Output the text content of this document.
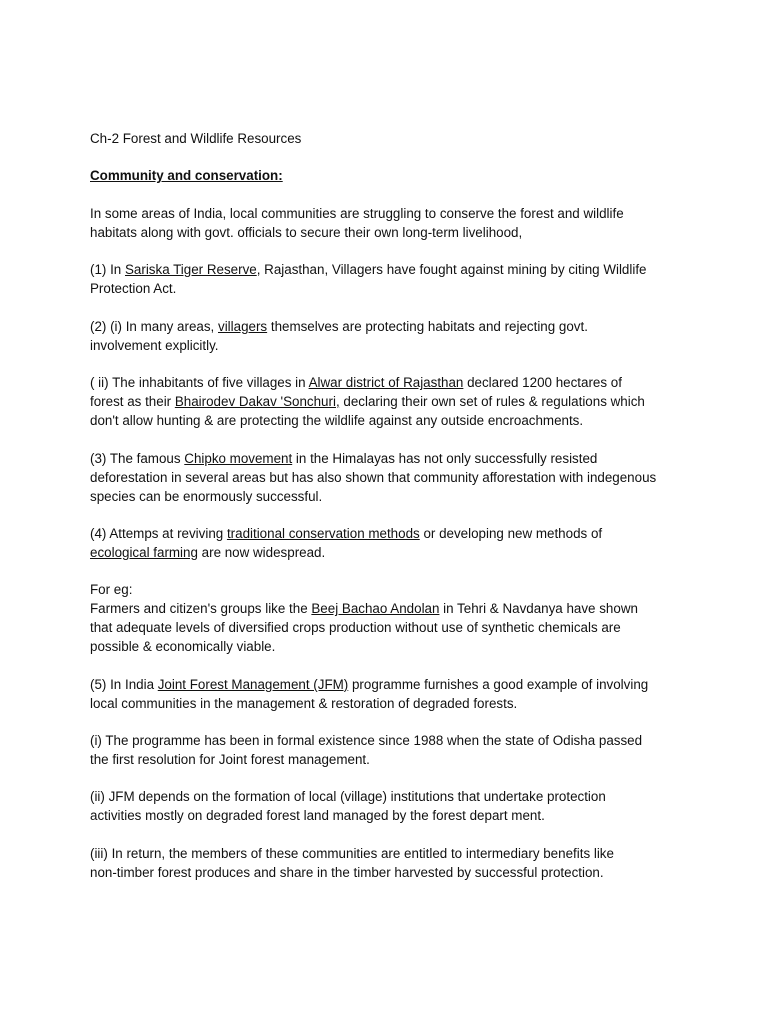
Ch-2 Forest and Wildlife Resources
Community and conservation:
In some areas of India, local communities are struggling to conserve the forest and wildlife
habitats along with govt. officials to secure their own long-term livelihood,
(1) In Sariska Tiger Reserve, Rajasthan, Villagers have fought against mining by citing Wildlife
Protection Act.
(2) (i) In many areas, villagers themselves are protecting habitats and rejecting govt.
involvement explicitly.
( ii) The inhabitants of five villages in Alwar district of Rajasthan declared 1200 hectares of
forest as their Bhairodev Dakav 'Sonchuri, declaring their own set of rules & regulations which
don't allow hunting & are protecting the wildlife against any outside encroachments.
(3) The famous Chipko movement in the Himalayas has not only successfully resisted
deforestation in several areas but has also shown that community afforestation with indegenous
species can be enormously successful.
(4) Attemps at reviving traditional conservation methods or developing new methods of
ecological farming are now widespread.
For eg:
Farmers and citizen's groups like the Beej Bachao Andolan in Tehri & Navdanya have shown
that adequate levels of diversified crops production without use of synthetic chemicals are
possible & economically viable.
(5) In India Joint Forest Management (JFM) programme furnishes a good example of involving
local communities in the management & restoration of degraded forests.
(i) The programme has been in formal existence since 1988 when the state of Odisha passed
the first resolution for Joint forest management.
(ii) JFM depends on the formation of local (village) institutions that undertake protection
activities mostly on degraded forest land managed by the forest depart ment.
(iii) In return, the members of these communities are entitled to intermediary benefits like
non-timber forest produces and share in the timber harvested by successful protection.
